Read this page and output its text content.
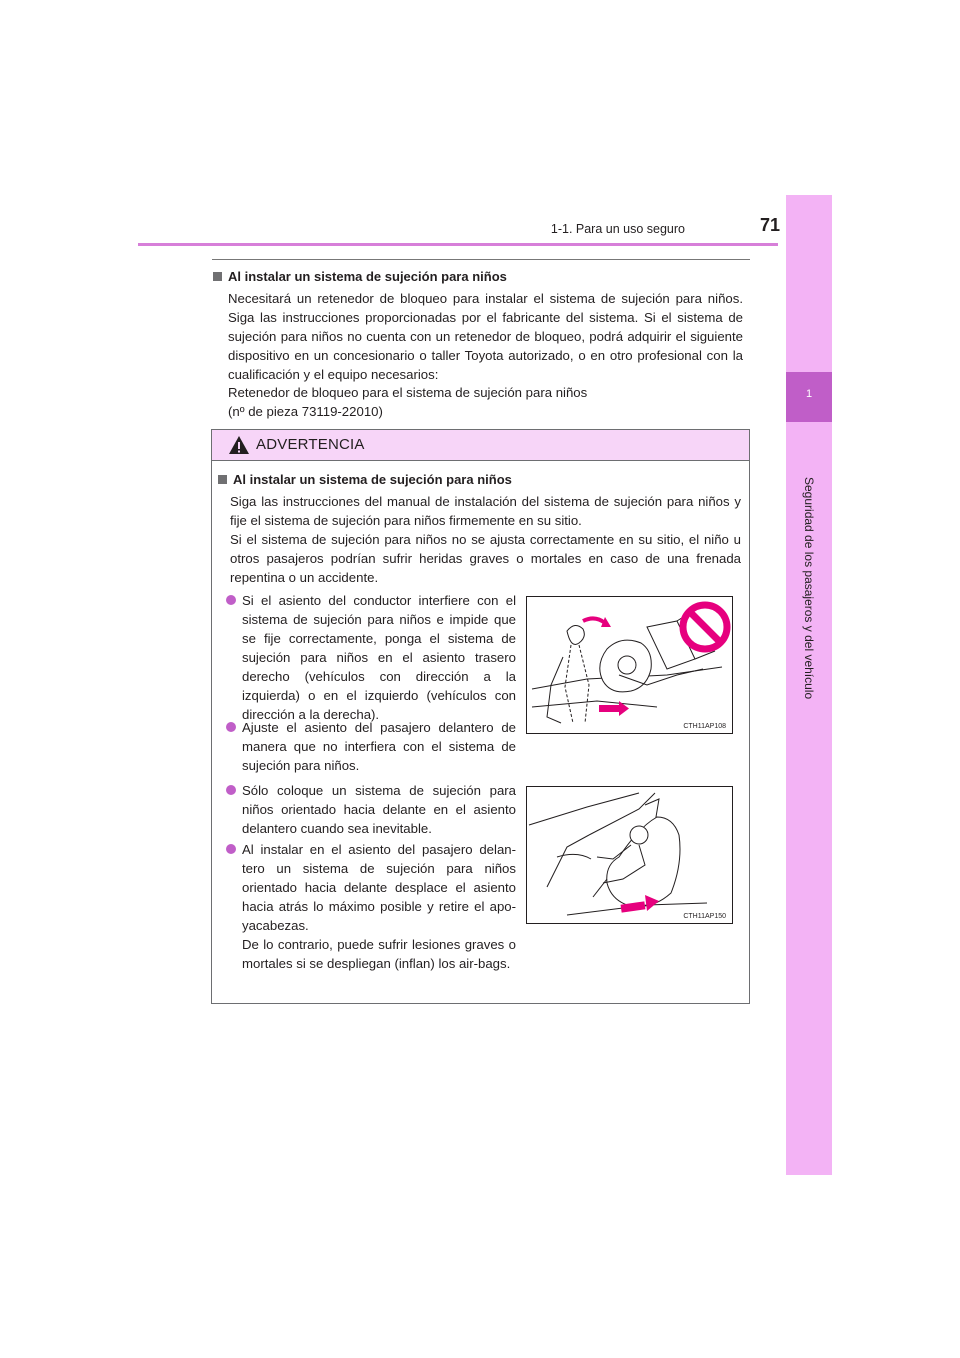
1-1. Para un uso seguro	71
1
Seguridad de los pasajeros y del vehículo
Al instalar un sistema de sujeción para niños
Necesitará un retenedor de bloqueo para instalar el sistema de sujeción para niños. Siga las instrucciones proporcionadas por el fabricante del sistema. Si el sistema de sujeción para niños no cuenta con un retenedor de bloqueo, podrá adquirir el siguiente dispositivo en un concesionario o taller Toyota autorizado, o en otro profesional con la cualificación y el equipo necesarios:
Retenedor de bloqueo para el sistema de sujeción para niños
(nº de pieza 73119-22010)
ADVERTENCIA
Al instalar un sistema de sujeción para niños
Siga las instrucciones del manual de instalación del sistema de sujeción para niños y fije el sistema de sujeción para niños firmemente en su sitio.
Si el sistema de sujeción para niños no se ajusta correctamente en su sitio, el niño u otros pasajeros podrían sufrir heridas graves o mortales en caso de una frenada repentina o un accidente.
Si el asiento del conductor interfiere con el sistema de sujeción para niños e impide que se fije correctamente, ponga el sistema de sujeción para niños en el asiento trasero derecho (vehículos con dirección a la izquierda) o en el izquierdo (vehículos con dirección a la derecha).
Ajuste el asiento del pasajero delantero de manera que no interfiera con el sistema de sujeción para niños.
Sólo coloque un sistema de sujeción para niños orientado hacia delante en el asiento delantero cuando sea inevitable.
Al instalar en el asiento del pasajero delan-tero un sistema de sujeción para niños orientado hacia delante desplace el asiento hacia atrás lo máximo posible y retire el apo-yacabezas.
De lo contrario, puede sufrir lesiones graves o mortales si se despliegan (inflan) los air-bags.
CTH11AP108
CTH11AP150
